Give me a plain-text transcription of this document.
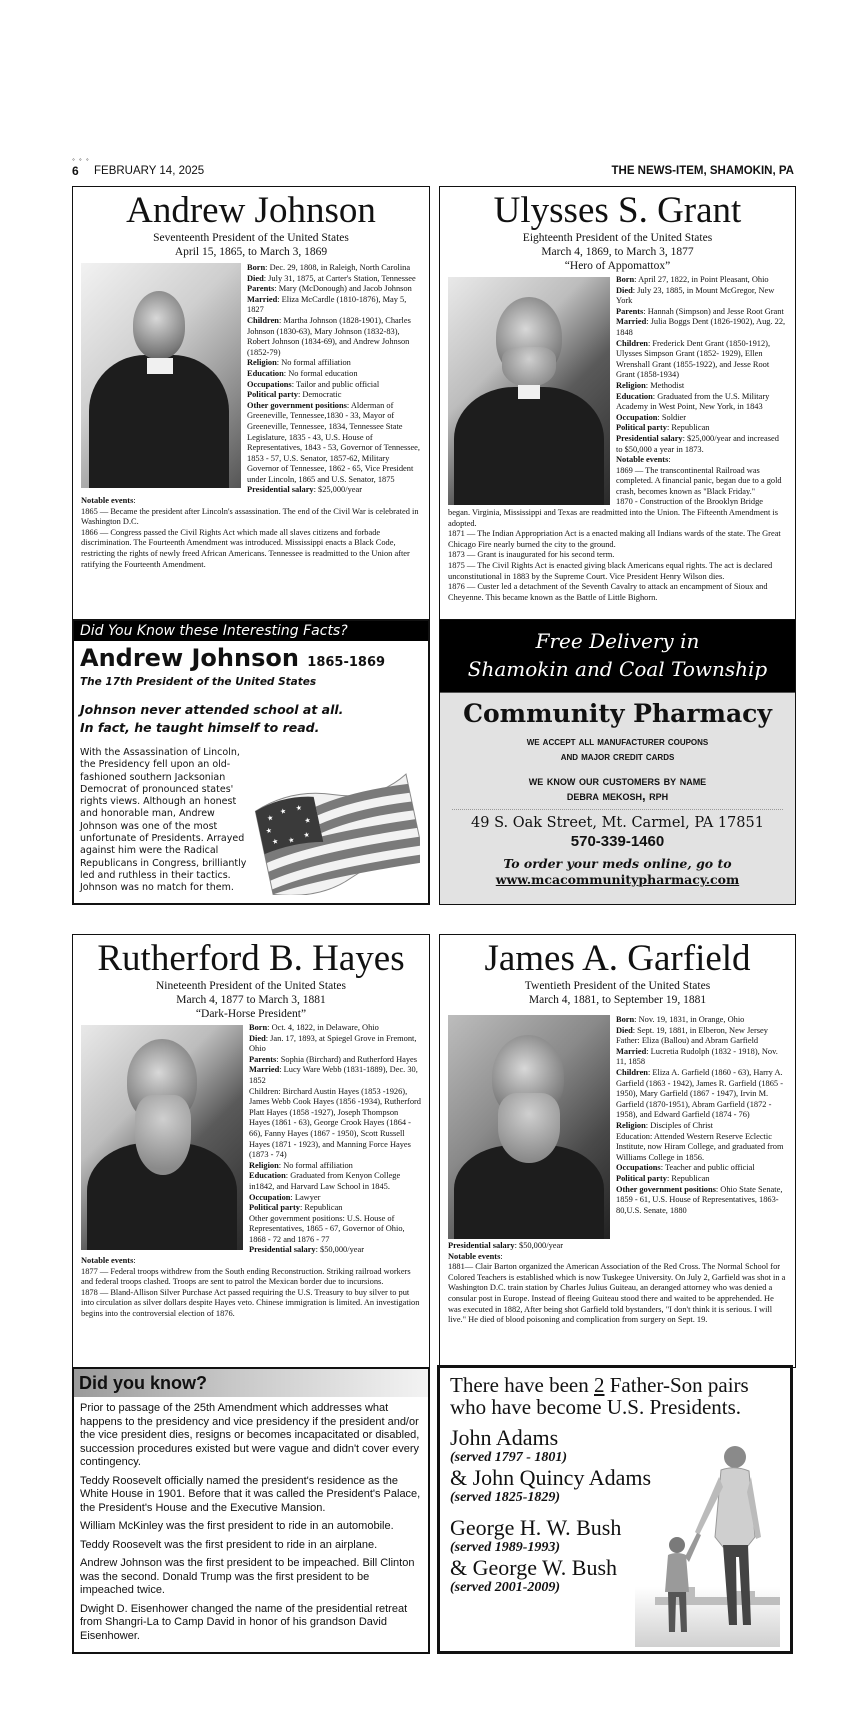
° ° °
6 FEBRUARY 14, 2025	THE NEWS-ITEM, SHAMOKIN, PA
Andrew Johnson
Seventeenth President of the United States
April 15, 1865, to March 3, 1869
Born: Dec. 29, 1808, in Raleigh, North Carolina
Died: July 31, 1875, at Carter's Station, Tennessee
Parents: Mary (McDonough) and Jacob Johnson
Married: Eliza McCardle (1810-1876), May 5, 1827
Children: Martha Johnson (1828-1901), Charles Johnson (1830-63), Mary Johnson (1832-83), Robert Johnson (1834-69), and Andrew Johnson (1852-79)
Religion: No formal affiliation
Education: No formal education
Occupations: Tailor and public official
Political party: Democratic
Other government positions: Alderman of Greeneville, Tennessee,1830 - 33, Mayor of Greeneville, Tennessee, 1834, Tennessee State Legislature, 1835 - 43, U.S. House of Representatives, 1843 - 53, Governor of Tennessee, 1853 - 57, U.S. Senator, 1857-62, Military Governor of Tennessee, 1862 - 65, Vice President under Lincoln, 1865 and U.S. Senator, 1875
Presidential salary: $25,000/year
Notable events:
1865 — Became the president after Lincoln's assassination. The end of the Civil War is celebrated in Washington D.C.
1866 — Congress passed the Civil Rights Act which made all slaves citizens and forbade discrimination. The Fourteenth Amendment was introduced. Mississippi enacts a Black Code, restricting the rights of newly freed African Americans. Tennessee is readmitted to the Union after ratifying the Fourteenth Amendment.
Ulysses S. Grant
Eighteenth President of the United States
March 4, 1869, to March 3, 1877
“Hero of Appomattox”
Born: April 27, 1822, in Point Pleasant, Ohio
Died: July 23, 1885, in Mount McGregor, New York
Parents: Hannah (Simpson) and Jesse Root Grant
Married: Julia Boggs Dent (1826-1902), Aug. 22, 1848
Children: Frederick Dent Grant (1850-1912), Ulysses Simpson Grant (1852- 1929), Ellen Wrenshall Grant (1855-1922), and Jesse Root Grant (1858-1934)
Religion: Methodist
Education: Graduated from the U.S. Military Academy in West Point, New York, in 1843
Occupation: Soldier
Political party: Republican
Presidential salary: $25,000/year and increased to $50,000 a year in 1873.
Notable events:
1869 — The transcontinental Railroad was completed. A financial panic, began due to a gold crash, becomes known as "Black Friday."
1870 - Construction of the Brooklyn Bridge began. Virginia, Mississippi and Texas are readmitted into the Union. The Fifteenth Amendment is adopted.
1871 — The Indian Appropriation Act is a enacted making all Indians wards of the state. The Great Chicago Fire nearly burned the city to the ground.
1873 — Grant is inaugurated for his second term.
1875 — The Civil Rights Act is enacted giving black Americans equal rights. The act is declared unconstitutional in 1883 by the Supreme Court. Vice President Henry Wilson dies.
1876 — Custer led a detachment of the Seventh Cavalry to attack an encampment of Sioux and Cheyenne. This became known as the Battle of Little Bighorn.
Did You Know these Interesting Facts?
Andrew Johnson 1865-1869
The 17th President of the United States
Johnson never attended school at all.
In fact, he taught himself to read.
With the Assassination of Lincoln, the Presidency fell upon an old-fashioned southern Jacksonian Democrat of pronounced states' rights views. Although an honest and honorable man, Andrew Johnson was one of the most unfortunate of Presidents. Arrayed against him were the Radical Republicans in Congress, brilliantly led and ruthless in their tactics. Johnson was no match for them.
★
★ ★
★
★
★ ★
★
Free Delivery in
Shamokin and Coal Township
Community Pharmacy
we accept all manufacturer coupons
and major credit cards
we know our customers by name
debra mekosh, rph
49 S. Oak Street, Mt. Carmel, PA 17851
570-339-1460
To order your meds online, go to
www.mcacommunitypharmacy.com
Rutherford B. Hayes
Nineteenth President of the United States
March 4, 1877 to March 3, 1881
“Dark-Horse President”
Born: Oct. 4, 1822, in Delaware, Ohio
Died: Jan. 17, 1893, at Spiegel Grove in Fremont, Ohio
Parents: Sophia (Birchard) and Rutherford Hayes
Married: Lucy Ware Webb (1831-1889), Dec. 30, 1852
Children: Birchard Austin Hayes (1853 -1926), James Webb Cook Hayes (1856 -1934), Rutherford Platt Hayes (1858 -1927), Joseph Thompson Hayes (1861 - 63), George Crook Hayes (1864 - 66), Fanny Hayes (1867 - 1950), Scott Russell Hayes (1871 - 1923), and Manning Force Hayes (1873 - 74)
Religion: No formal affiliation
Education: Graduated from Kenyon College in1842, and Harvard Law School in 1845.
Occupation: Lawyer
Political party: Republican
Other government positions: U.S. House of Representatives, 1865 - 67, Governor of Ohio, 1868 - 72 and 1876 - 77
Presidential salary: $50,000/year
Notable events:
1877 — Federal troops withdrew from the South ending Reconstruction. Striking railroad workers and federal troops clashed. Troops are sent to patrol the Mexican border due to incursions.
1878 — Bland-Allison Silver Purchase Act passed requiring the U.S. Treasury to buy silver to put into circulation as silver dollars despite Hayes veto. Chinese immigration is limited. An investigation begins into the controversial election of 1876.
James A. Garfield
Twentieth President of the United States
March 4, 1881, to September 19, 1881
Born: Nov. 19, 1831, in Orange, Ohio
Died: Sept. 19, 1881, in Elberon, New Jersey
Father: Eliza (Ballou) and Abram Garfield
Married: Lucretia Rudolph (1832 - 1918), Nov. 11, 1858
Children: Eliza A. Garfield (1860 - 63), Harry A. Garfield (1863 - 1942), James R. Garfield (1865 - 1950), Mary Garfield (1867 - 1947), Irvin M. Garfield (1870-1951), Abram Garfield (1872 - 1958), and Edward Garfield (1874 - 76)
Religion: Disciples of Christ
Education: Attended Western Reserve Eclectic Institute, now Hiram College, and graduated from Williams College in 1856.
Occupations: Teacher and public official
Political party: Republican
Other government positions: Ohio State Senate, 1859 - 61, U.S. House of Representatives, 1863-80,U.S. Senate, 1880
Presidential salary: $50,000/year
Notable events:
1881— Clair Barton organized the American Association of the Red Cross. The Normal School for Colored Teachers is established which is now Tuskegee University. On July 2, Garfield was shot in a Washington D.C. train station by Charles Julius Guiteau, an deranged attorney who was denied a consular post in Europe. Instead of fleeing Guiteau stood there and waited to be apprehended. He was executed in 1882, After being shot Garfield told bystanders, "I don't think it is serious. I will live." He died of blood poisoning and complication from surgery on Sept. 19.
Did you know?
Prior to passage of the 25th Amendment which addresses what happens to the presidency and vice presidency if the president and/or the vice president dies, resigns or becomes incapacitated or disabled, succession procedures existed but were vague and didn't cover every contingency.
Teddy Roosevelt officially named the president's residence as the White House in 1901. Before that it was called the President's Palace, the President's House and the Executive Mansion.
William McKinley was the first president to ride in an automobile.
Teddy Roosevelt was the first president to ride in an airplane.
Andrew Johnson was the first president to be impeached. Bill Clinton was the second. Donald Trump was the first president to be impeached twice.
Dwight D. Eisenhower changed the name of the presidential retreat from Shangri-La to Camp David in honor of his grandson David Eisenhower.
There have been 2 Father-Son pairs
who have become U.S. Presidents.
John Adams
(served 1797 - 1801)
& John Quincy Adams
(served 1825-1829)
George H. W. Bush
(served 1989-1993)
& George W. Bush
(served 2001-2009)
